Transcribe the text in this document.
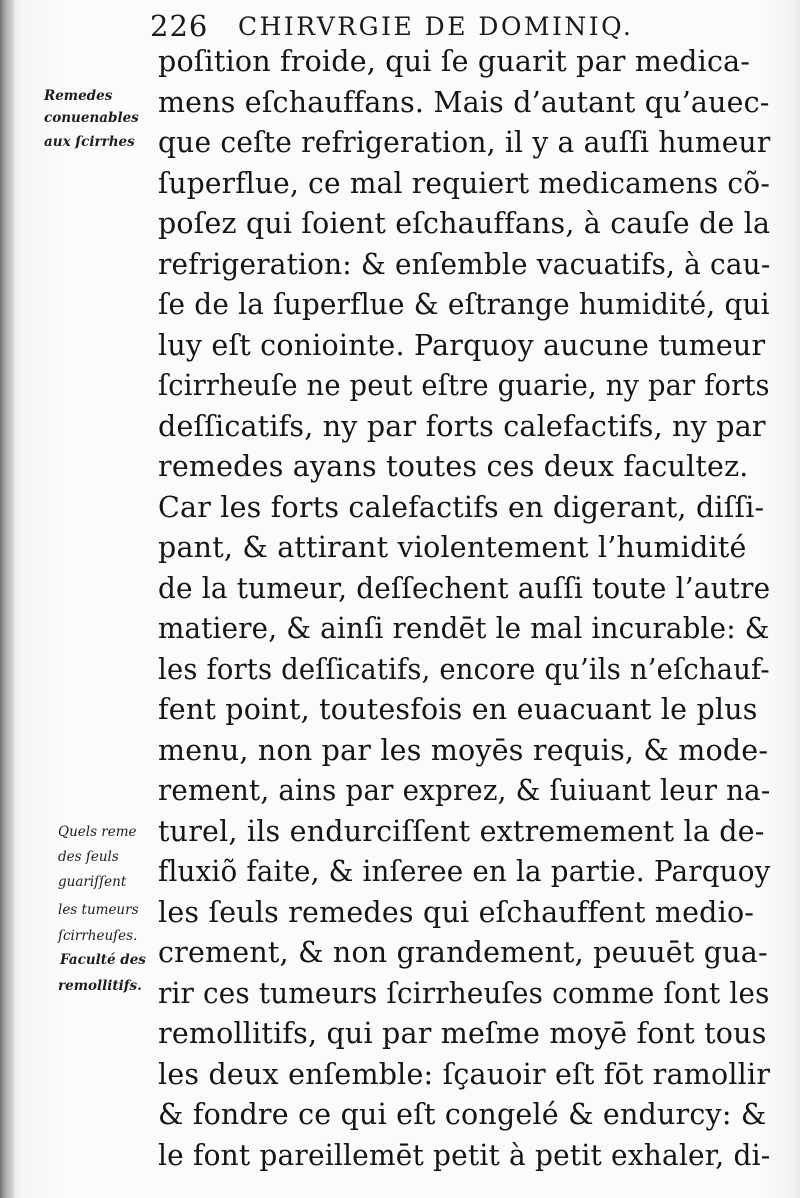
226 CHIRVRGIE DE DOMINIQ.
Remedes
conuenables
aux ſcirrhes
Quels reme
des ſeuls
guariſſent
les tumeurs
ſcirrheuſes.
Faculté des
remollitifs.
poſition froide, qui ſe guarit par medica-
mens eſchauffans. Mais d’autant qu’auec-
que ceſte refrigeration, il y a auſſi humeur
ſuperflue, ce mal requiert medicamens cõ-
poſez qui ſoient eſchauffans, à cauſe de la
refrigeration: & enſemble vacuatifs, à cau-
ſe de la ſuperflue & eſtrange humidité, qui
luy eſt coniointe. Parquoy aucune tumeur
ſcirrheuſe ne peut eſtre guarie, ny par forts
deſſicatifs, ny par forts calefactifs, ny par
remedes ayans toutes ces deux facultez.
Car les forts calefactifs en digerant, diſſi-
pant, & attirant violentement l’humidité
de la tumeur, deſſechent auſſi toute l’autre
matiere, & ainſi rendēt le mal incurable: &
les forts deſſicatifs, encore qu’ils n’eſchauf-
fent point, toutesfois en euacuant le plus
menu, non par les moyēs requis, & mode-
rement, ains par exprez, & ſuiuant leur na-
turel, ils endurciſſent extremement la de-
fluxiõ faite, & inſeree en la partie. Parquoy
les ſeuls remedes qui eſchauffent medio-
crement, & non grandement, peuuēt gua-
rir ces tumeurs ſcirrheuſes comme ſont les
remollitifs, qui par meſme moyē font tous
les deux enſemble: ſçauoir eſt fōt ramollir
& fondre ce qui eſt congelé & endurcy: &
le font pareillemēt petit à petit exhaler, di-
